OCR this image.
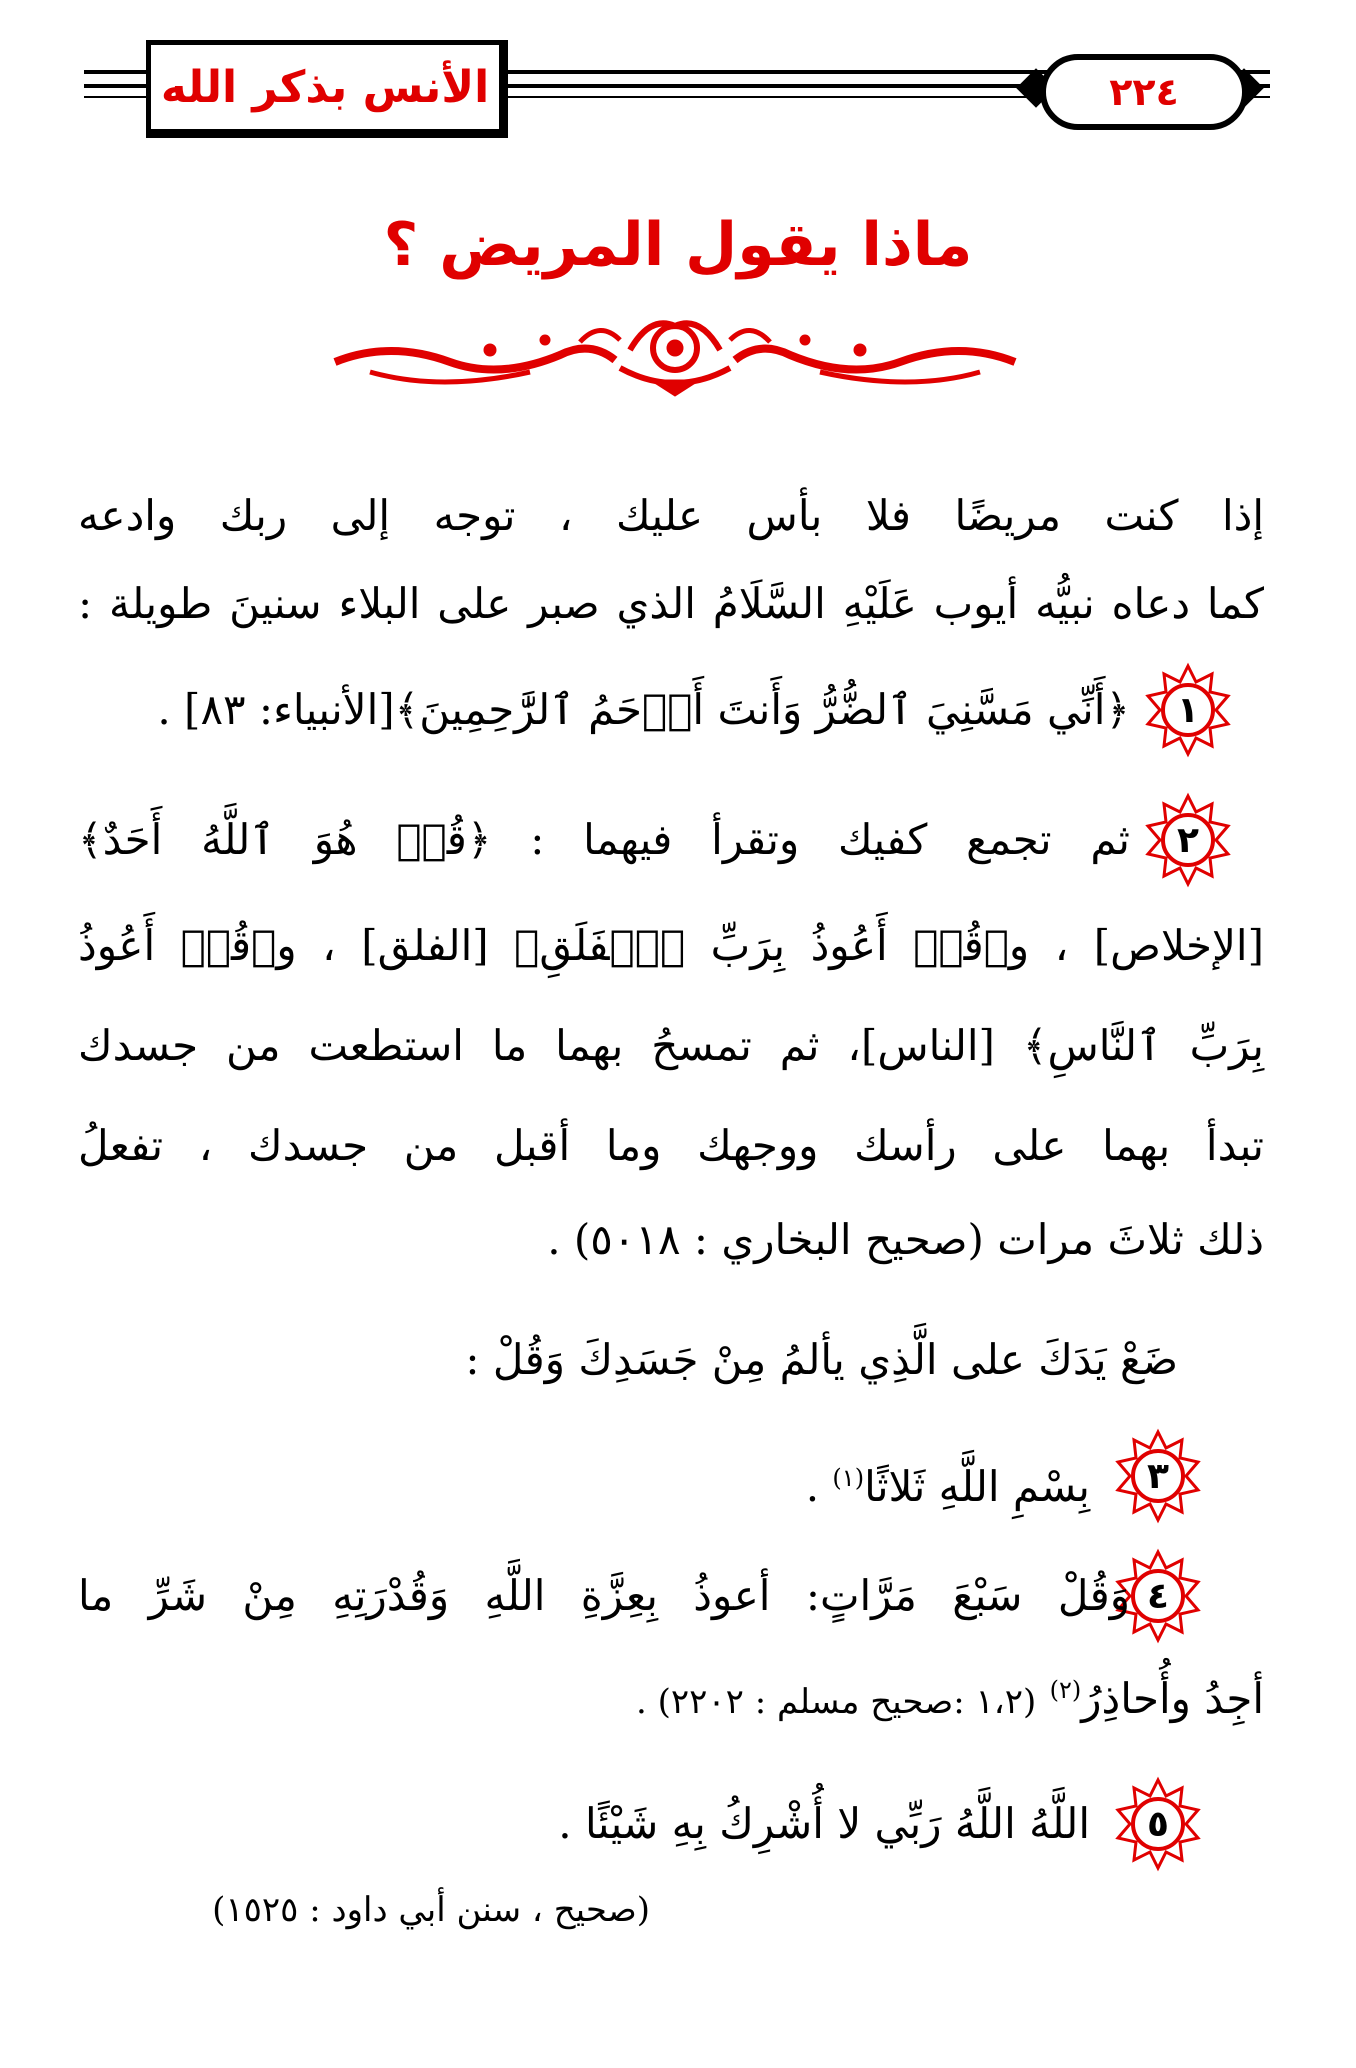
الأنس بذكر الله	٢٢٤
ماذا يقول المريض ؟
إذا كنت مريضًا فلا بأس عليك ، توجه إلى ربك وادعه
كما دعاه نبيُّه أيوب عَلَيْهِ السَّلَامُ الذي صبر على البلاء سنينَ طويلة :
١
﴿أَنِّي مَسَّنِيَ ٱلضُّرُّ وَأَنتَ أَرۡحَمُ ٱلرَّٰحِمِينَ﴾[الأنبياء: ٨٣] .
٢
ثم تجمع كفيك وتقرأ فيهما : ﴿قُلۡ هُوَ ٱللَّهُ أَحَدٌ﴾
[الإخلاص] ، و﴿قُلۡ أَعُوذُ بِرَبِّ ٱلۡفَلَقِ﴾ [الفلق] ، و﴿قُلۡ أَعُوذُ
بِرَبِّ ٱلنَّاسِ﴾ [الناس]، ثم تمسحُ بهما ما استطعت من جسدك
تبدأ بهما على رأسك ووجهك وما أقبل من جسدك ، تفعلُ
ذلك ثلاثَ مرات (صحيح البخاري : ٥٠١٨) .
ضَعْ يَدَكَ على الَّذِي يألمُ مِنْ جَسَدِكَ وَقُلْ :
٣
بِسْمِ اللَّهِ ثَلاثًا$^{(١)}$ .
٤
وَقُلْ سَبْعَ مَرَّاتٍ: أعوذُ بِعِزَّةِ اللَّهِ وَقُدْرَتِهِ مِنْ شَرِّ ما
أجِدُ وأُحاذِرُ$^{(٢)}$ (١،٢ :صحيح مسلم : ٢٢٠٢) .
٥
اللَّهُ اللَّهُ رَبِّي لا أُشْرِكُ بِهِ شَيْئًا .
(صحيح ، سنن أبي داود : ١٥٢٥)
